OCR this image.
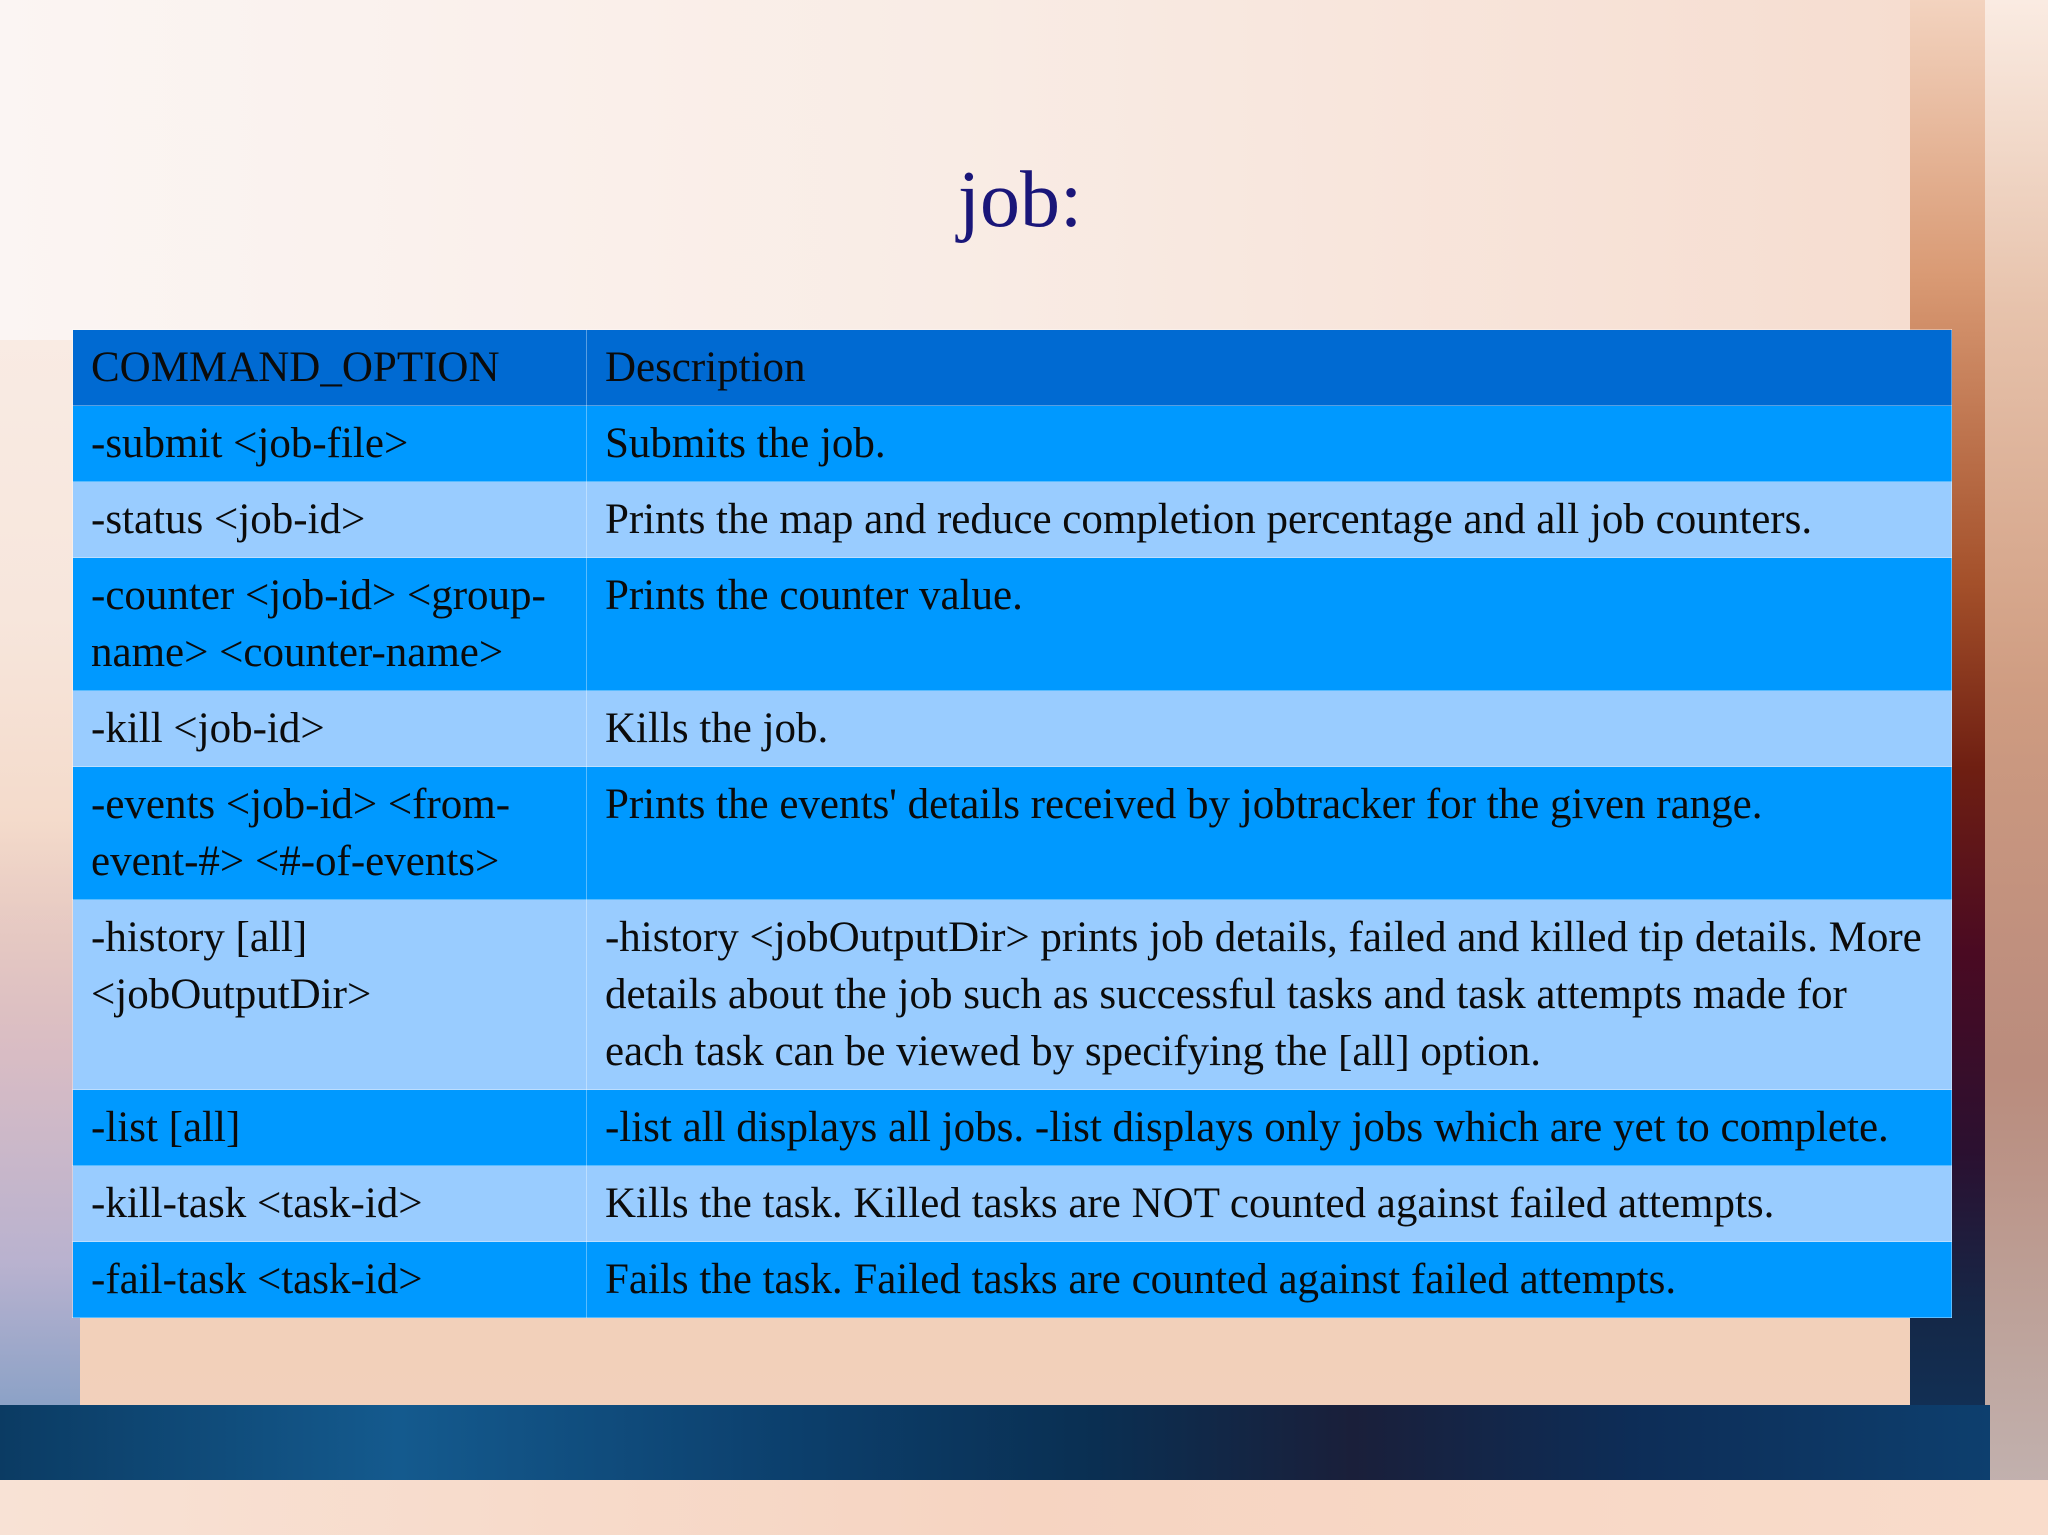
job:
COMMAND_OPTION	Description
-submit <job-file>	Submits the job.
-status <job-id>	Prints the map and reduce completion percentage and all job counters.
-counter <job-id> <group-name> <counter-name>	Prints the counter value.
-kill <job-id>	Kills the job.
-events <job-id> <from-event-#> <#-of-events>	Prints the events' details received by jobtracker for the given range.
-history [all] <jobOutputDir>	-history <jobOutputDir> prints job details, failed and killed tip details. More details about the job such as successful tasks and task attempts made for each task can be viewed by specifying the [all] option.
-list [all]	-list all displays all jobs. -list displays only jobs which are yet to complete.
-kill-task <task-id>	Kills the task. Killed tasks are NOT counted against failed attempts.
-fail-task <task-id>	Fails the task. Failed tasks are counted against failed attempts.
